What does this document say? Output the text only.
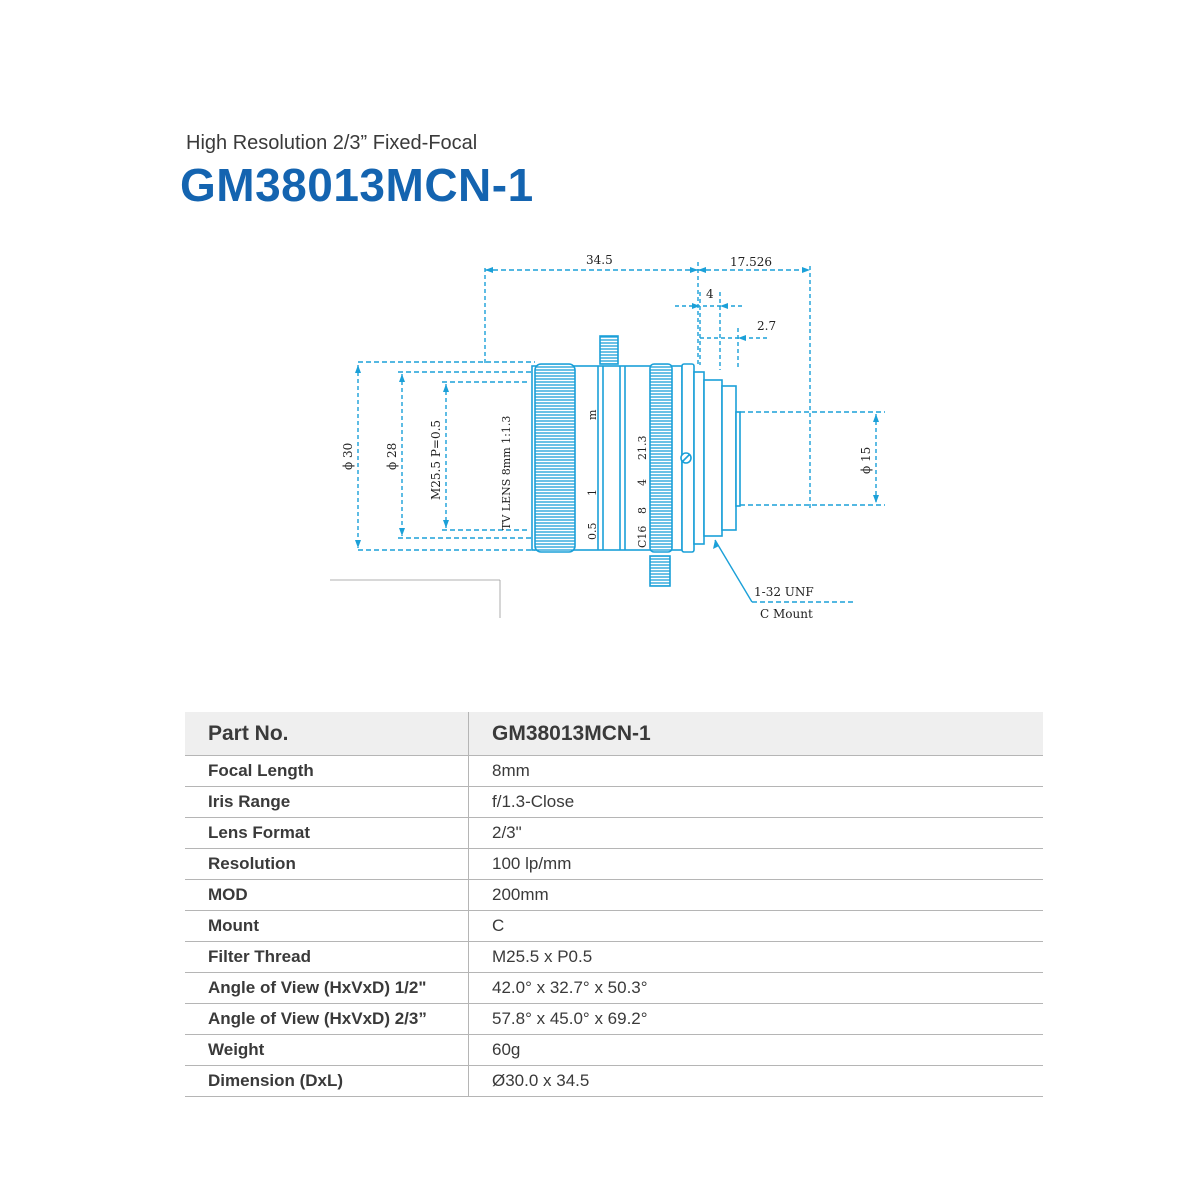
High Resolution 2/3” Fixed-Focal
GM38013MCN-1
34.5	17.526
4
2.7
ϕ 30	ϕ 28	M25.5 P=0.5	ϕ 15
TV LENS 8mm 1:1.3
m
1
0.5
21.3
4
8
C16
1-32 UNF
C Mount
Part No.	GM38013MCN-1
Focal Length	8mm
Iris Range	f/1.3-Close
Lens Format	2/3"
Resolution	100 lp/mm
MOD	200mm
Mount	C
Filter Thread	M25.5 x P0.5
Angle of View (HxVxD) 1/2"	42.0° x 32.7° x 50.3°
Angle of View (HxVxD) 2/3”	57.8° x 45.0° x 69.2°
Weight	60g
Dimension (DxL)	Ø30.0 x 34.5
